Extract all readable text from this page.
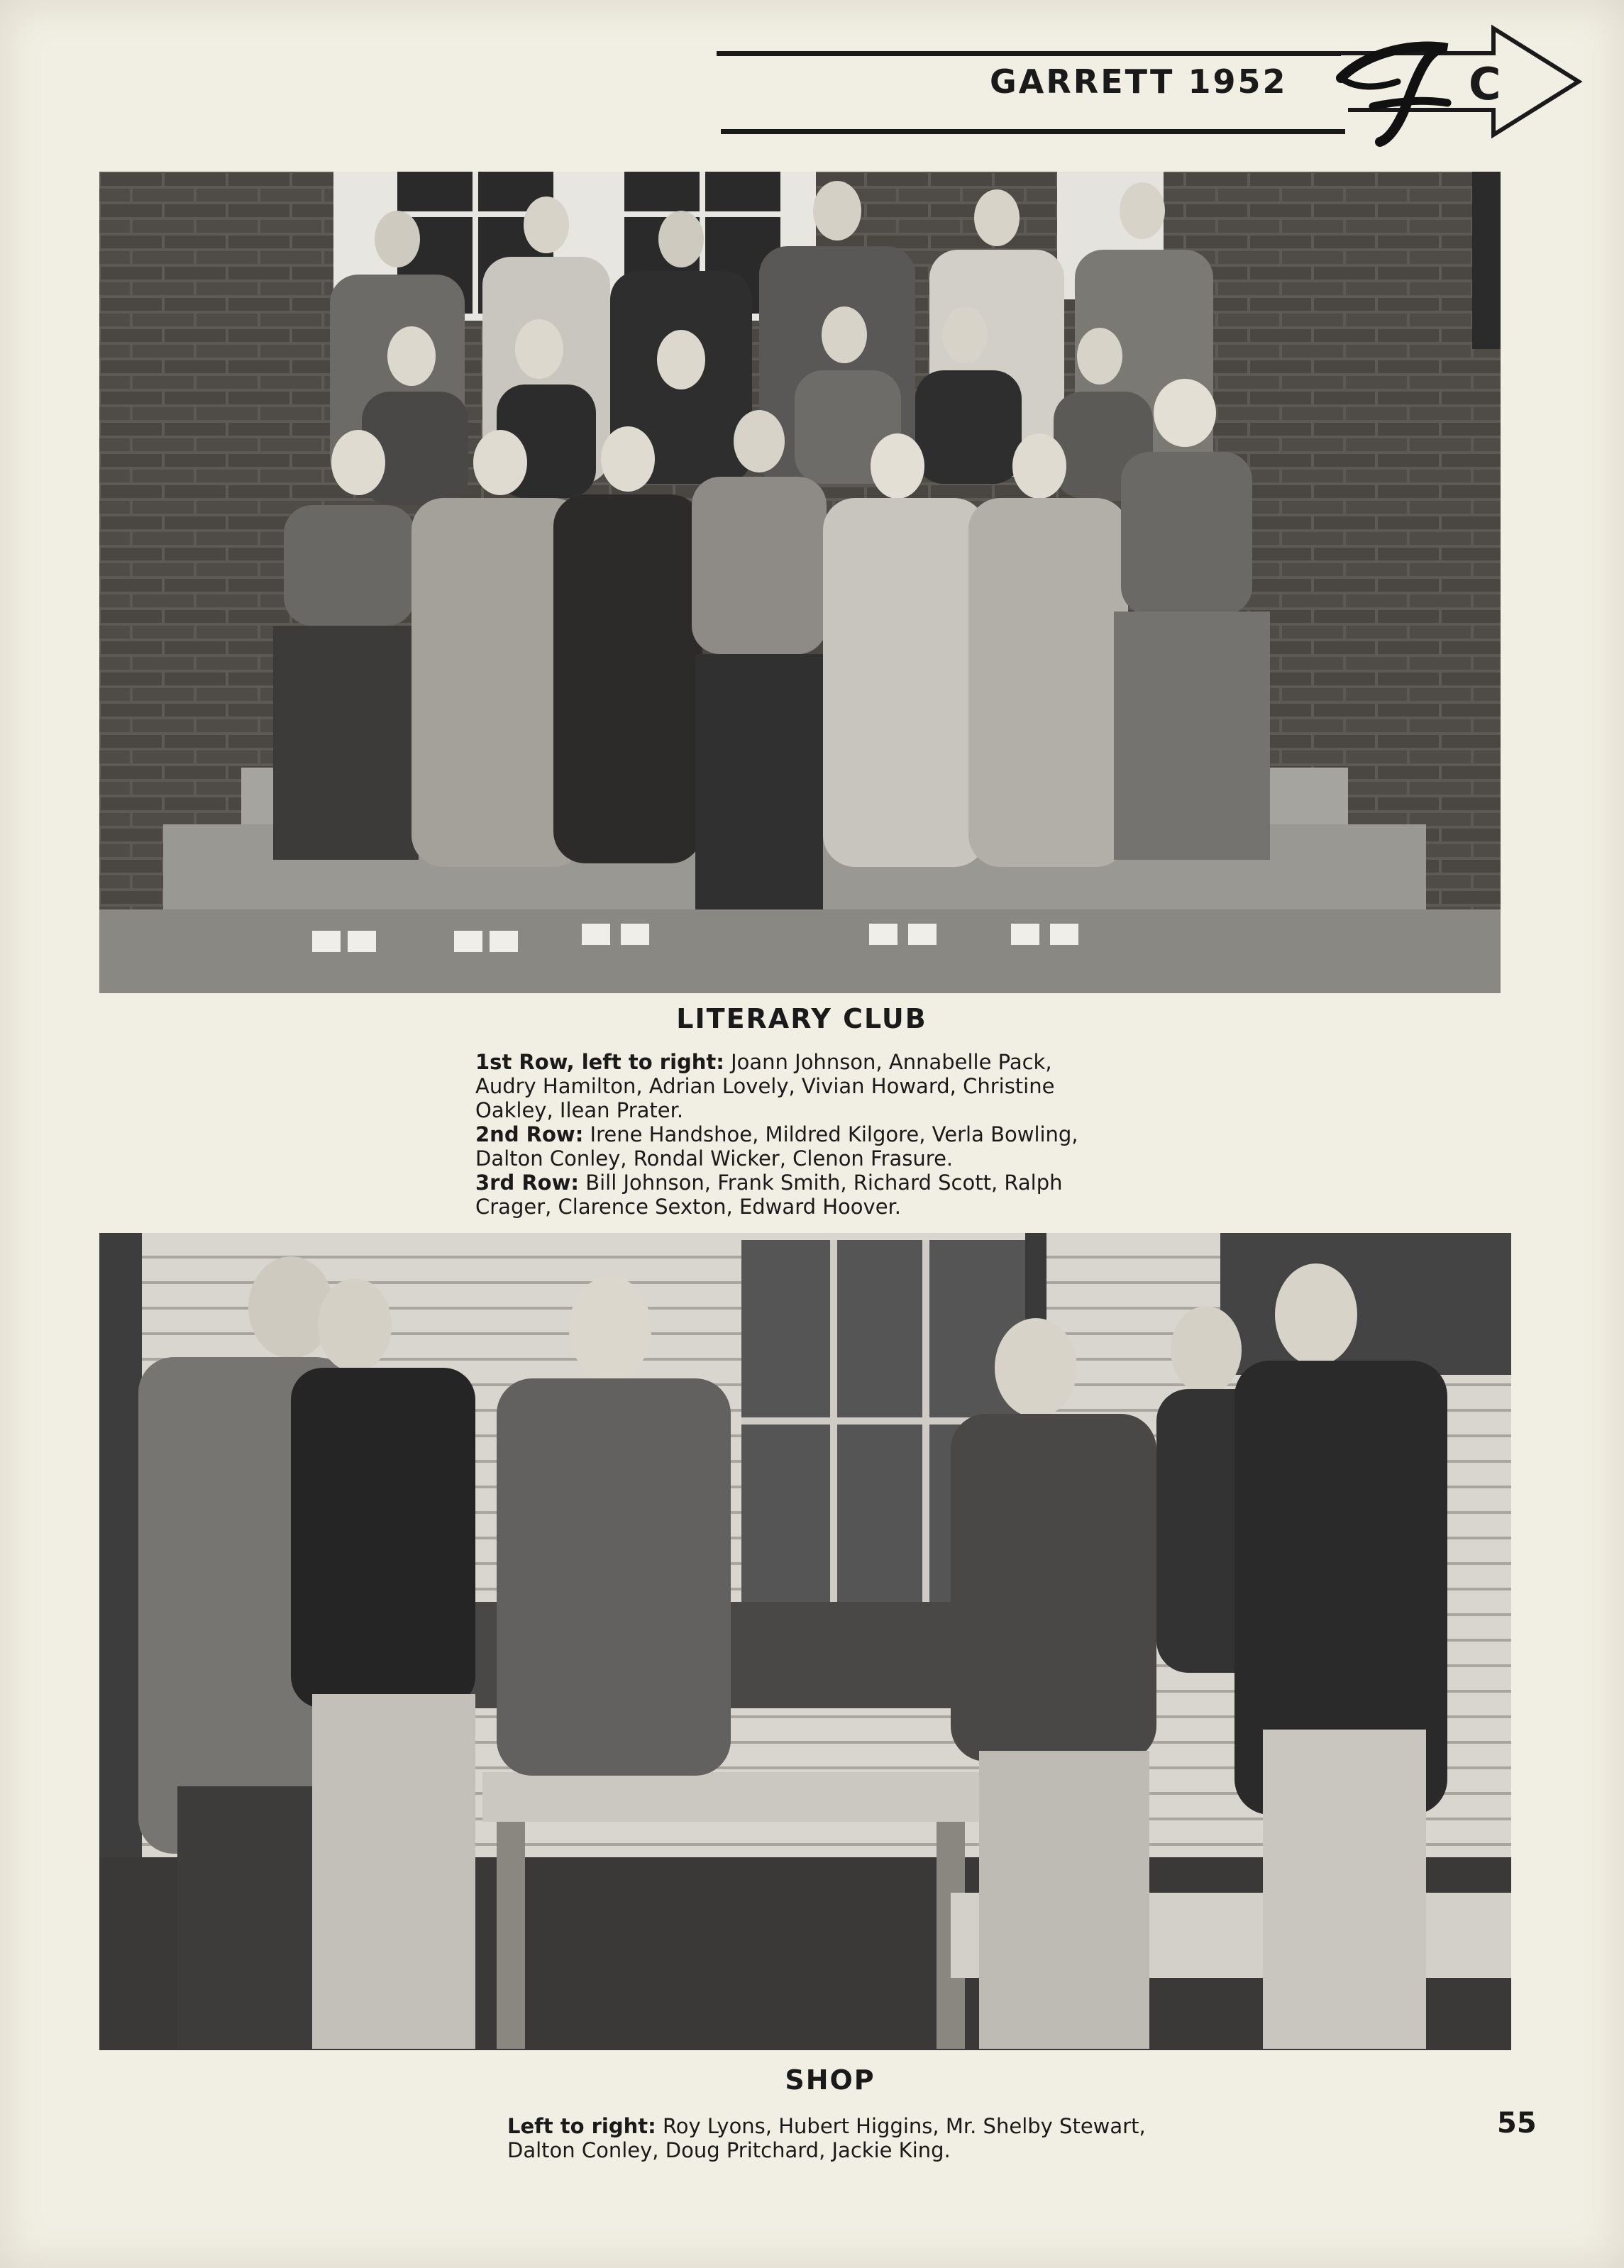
GARRETT 1952	C
LITERARY CLUB
1st Row, left to right: Joann Johnson, Annabelle Pack, Audry Hamilton, Adrian Lovely, Vivian Howard, Christine Oakley, Ilean Prater.
2nd Row: Irene Handshoe, Mildred Kilgore, Verla Bowling, Dalton Conley, Rondal Wicker, Clenon Frasure.
3rd Row: Bill Johnson, Frank Smith, Richard Scott, Ralph Crager, Clarence Sexton, Edward Hoover.
SHOP
Left to right: Roy Lyons, Hubert Higgins, Mr. Shelby Stewart, Dalton Conley, Doug Pritchard, Jackie King.
55
